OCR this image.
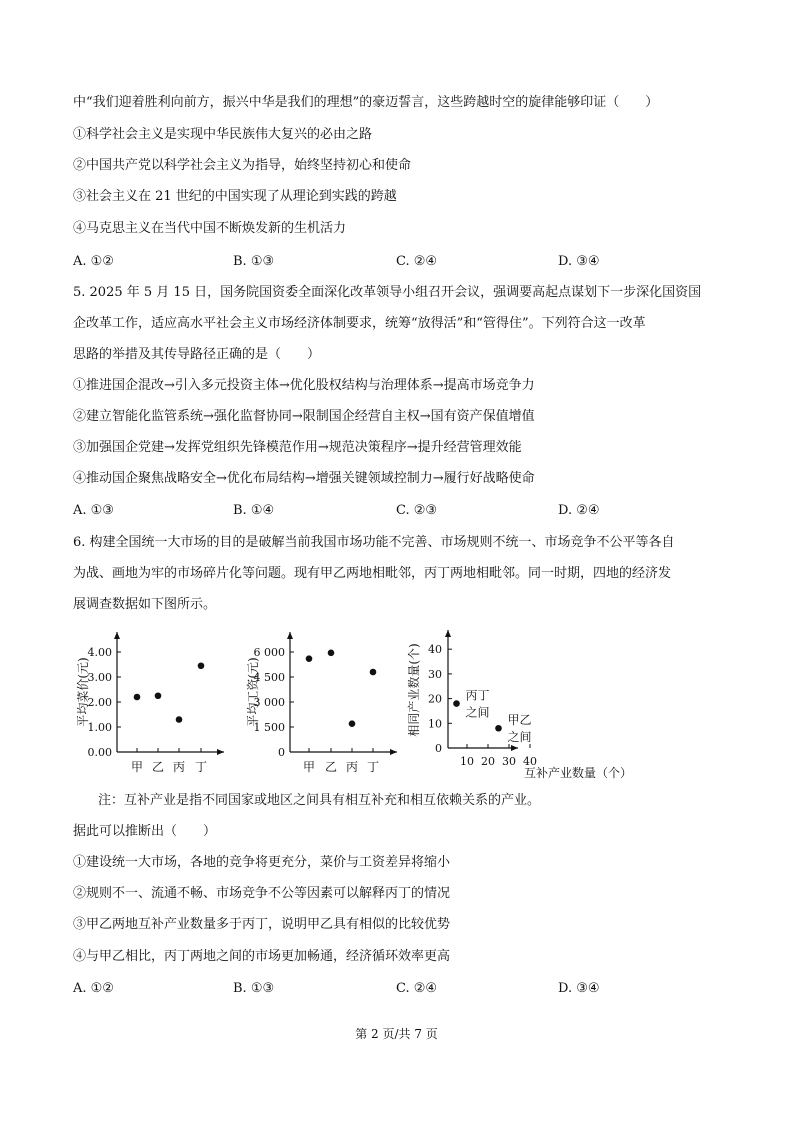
中“我们迎着胜利向前方，振兴中华是我们的理想”的豪迈誓言，这些跨越时空的旋律能够印证（　　）
①科学社会主义是实现中华民族伟大复兴的必由之路
②中国共产党以科学社会主义为指导，始终坚持初心和使命
③社会主义在 21 世纪的中国实现了从理论到实践的跨越
④马克思主义在当代中国不断焕发新的生机活力
A. ①②	B. ①③	C. ②④	D. ③④
5. 2025 年 5 月 15 日，国务院国资委全面深化改革领导小组召开会议，强调要高起点谋划下一步深化国资国
企改革工作，适应高水平社会主义市场经济体制要求，统筹“放得活”和“管得住”。下列符合这一改革
思路的举措及其传导路径正确的是（　　）
①推进国企混改→引入多元投资主体→优化股权结构与治理体系→提高市场竞争力
②建立智能化监管系统→强化监督协同→限制国企经营自主权→国有资产保值增值
③加强国企党建→发挥党组织先锋模范作用→规范决策程序→提升经营管理效能
④推动国企聚焦战略安全→优化布局结构→增强关键领域控制力→履行好战略使命
A. ①③	B. ①④	C. ②③	D. ②④
6. 构建全国统一大市场的目的是破解当前我国市场功能不完善、市场规则不统一、市场竞争不公平等各自
为战、画地为牢的市场碎片化等问题。现有甲乙两地相毗邻，丙丁两地相毗邻。同一时期，四地的经济发
展调查数据如下图所示。
注：互补产业是指不同国家或地区之间具有相互补充和相互依赖关系的产业。
据此可以推断出（　　）
①建设统一大市场，各地的竞争将更充分，菜价与工资差异将缩小
②规则不一、流通不畅、市场竞争不公等因素可以解释丙丁的情况
③甲乙两地互补产业数量多于丙丁，说明甲乙具有相似的比较优势
④与甲乙相比，丙丁两地之间的市场更加畅通，经济循环效率更高
A. ①②	B. ①③	C. ②④	D. ③④
0.00
1.00
2.00
3.00
4.00
甲 乙 丙 丁
平均菜价(元)
0
1 500
3 000
4 500
6 000
甲 乙 丙 丁
平均工资(元)
0
10
20
30
40
10 20 30 40
丙丁
之间
甲乙
之间
互补产业数量（个）
相同产业数量(个)
第 2 页/共 7 页
